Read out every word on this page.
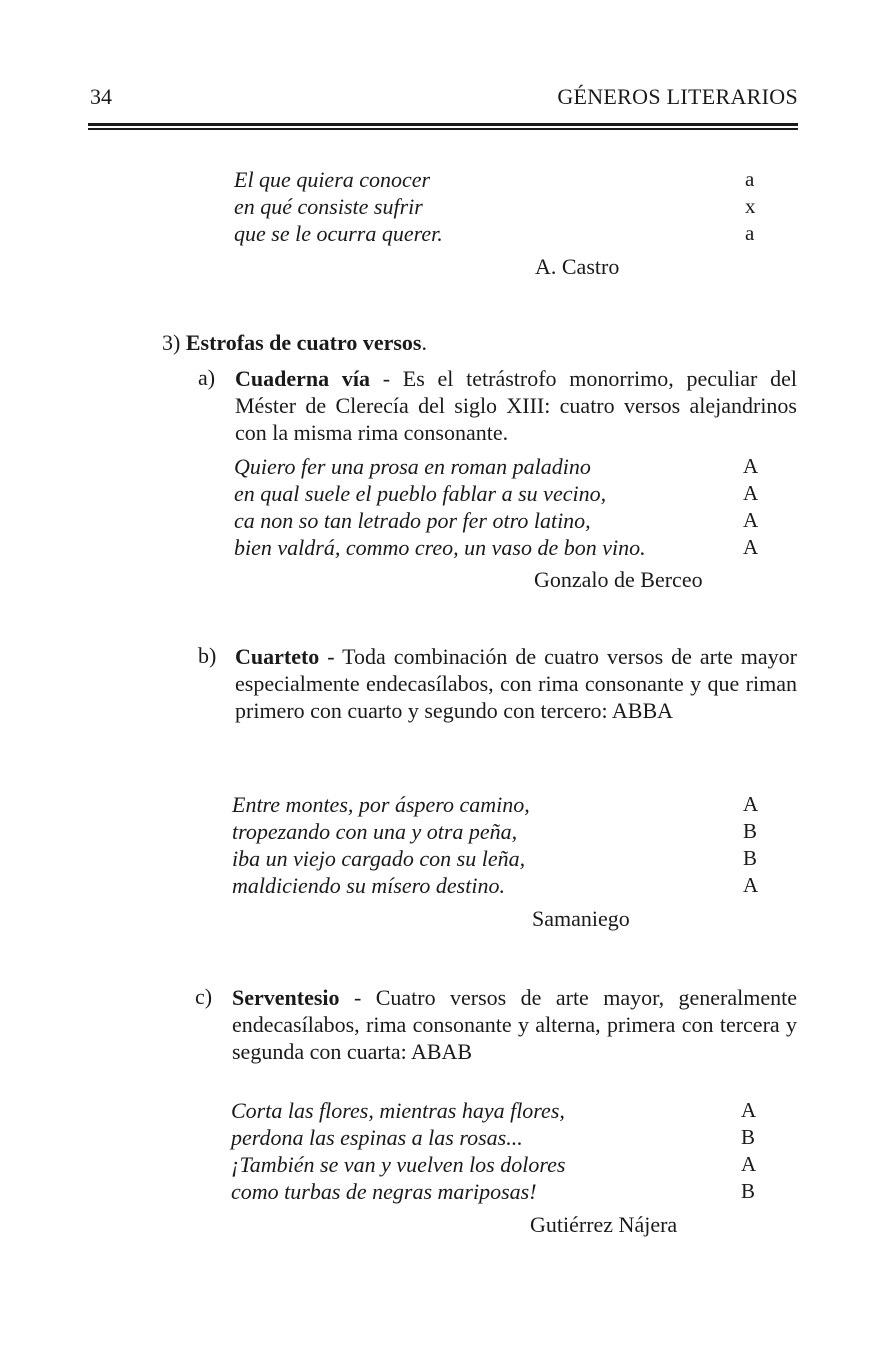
34	GÉNEROS LITERARIOS

El que quiera conocer

en qué consiste sufrir

que se le ocurra querer.

a

x

a

A. Castro

3) Estrofas de cuatro versos.

a) Cuaderna vía - Es el tetrástrofo monorrimo, peculiar del Méster de Clerecía del siglo XIII: cuatro versos alejandrinos con la misma rima consonante.

Quiero fer una prosa en roman paladino

en qual suele el pueblo fablar a su vecino,

ca non so tan letrado por fer otro latino,

bien valdrá, commo creo, un vaso de bon vino.

A

A

A

A

Gonzalo de Berceo

b) Cuarteto - Toda combinación de cuatro versos de arte mayor especialmente endecasílabos, con rima consonante y que riman primero con cuarto y segundo con tercero: ABBA

Entre montes, por áspero camino,

tropezando con una y otra peña,

iba un viejo cargado con su leña,

maldiciendo su mísero destino.

A

B

B

A

Samaniego

c) Serventesio - Cuatro versos de arte mayor, generalmente endecasílabos, rima consonante y alterna, primera con tercera y segunda con cuarta: ABAB

Corta las flores, mientras haya flores,

perdona las espinas a las rosas...

¡También se van y vuelven los dolores

como turbas de negras mariposas!

A

B

A

B

Gutiérrez Nájera
